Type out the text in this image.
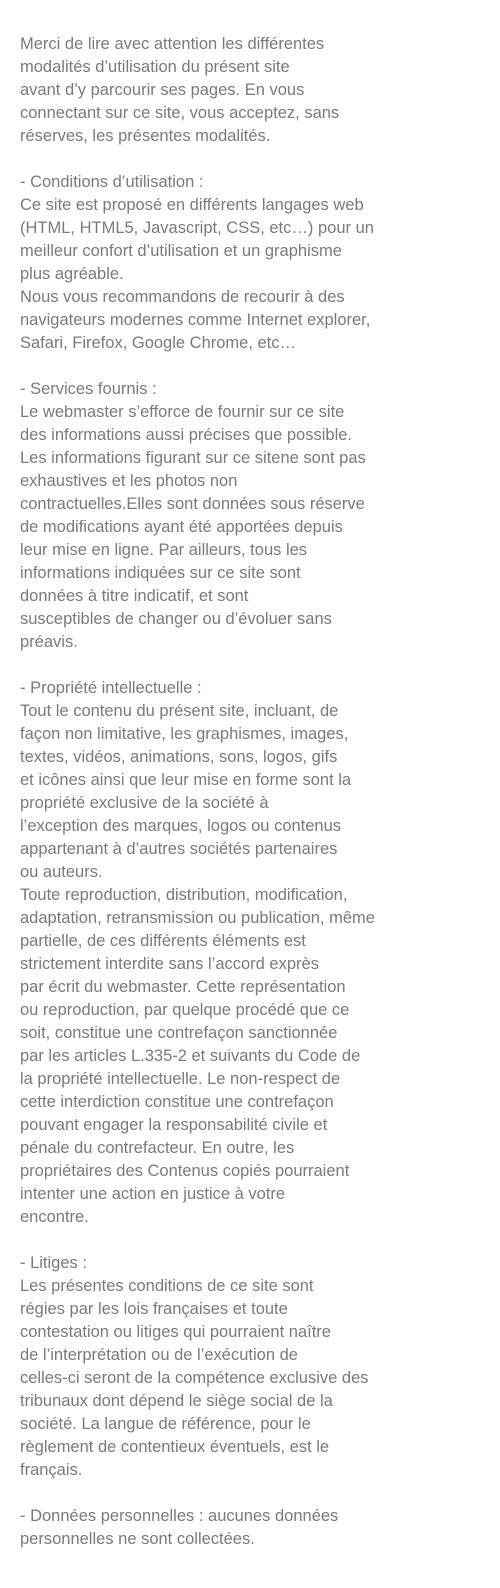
Merci de lire avec attention les différentes
modalités d’utilisation du présent site
avant d’y parcourir ses pages. En vous
connectant sur ce site, vous acceptez, sans
réserves, les présentes modalités.
- Conditions d’utilisation :
Ce site est proposé en différents langages web
(HTML, HTML5, Javascript, CSS, etc…) pour un
meilleur confort d’utilisation et un graphisme
plus agréable.
Nous vous recommandons de recourir à des
navigateurs modernes comme Internet explorer,
Safari, Firefox, Google Chrome, etc…
- Services fournis :
Le webmaster s’efforce de fournir sur ce site
des informations aussi précises que possible.
Les informations figurant sur ce sitene sont pas
exhaustives et les photos non
contractuelles.Elles sont données sous réserve
de modifications ayant été apportées depuis
leur mise en ligne. Par ailleurs, tous les
informations indiquées sur ce site sont
données à titre indicatif, et sont
susceptibles de changer ou d’évoluer sans
préavis.
- Propriété intellectuelle :
Tout le contenu du présent site, incluant, de
façon non limitative, les graphismes, images,
textes, vidéos, animations, sons, logos, gifs
et icônes ainsi que leur mise en forme sont la
propriété exclusive de la société à
l’exception des marques, logos ou contenus
appartenant à d’autres sociétés partenaires
ou auteurs.
Toute reproduction, distribution, modification,
adaptation, retransmission ou publication, même
partielle, de ces différents éléments est
strictement interdite sans l’accord exprès
par écrit du webmaster. Cette représentation
ou reproduction, par quelque procédé que ce
soit, constitue une contrefaçon sanctionnée
par les articles L.335-2 et suivants du Code de
la propriété intellectuelle. Le non-respect de
cette interdiction constitue une contrefaçon
pouvant engager la responsabilité civile et
pénale du contrefacteur. En outre, les
propriétaires des Contenus copiés pourraient
intenter une action en justice à votre
encontre.
- Litiges :
Les présentes conditions de ce site sont
régies par les lois françaises et toute
contestation ou litiges qui pourraient naître
de l’interprétation ou de l’exécution de
celles-ci seront de la compétence exclusive des
tribunaux dont dépend le siège social de la
société. La langue de référence, pour le
règlement de contentieux éventuels, est le
français.
- Données personnelles : aucunes données
personnelles ne sont collectées.
